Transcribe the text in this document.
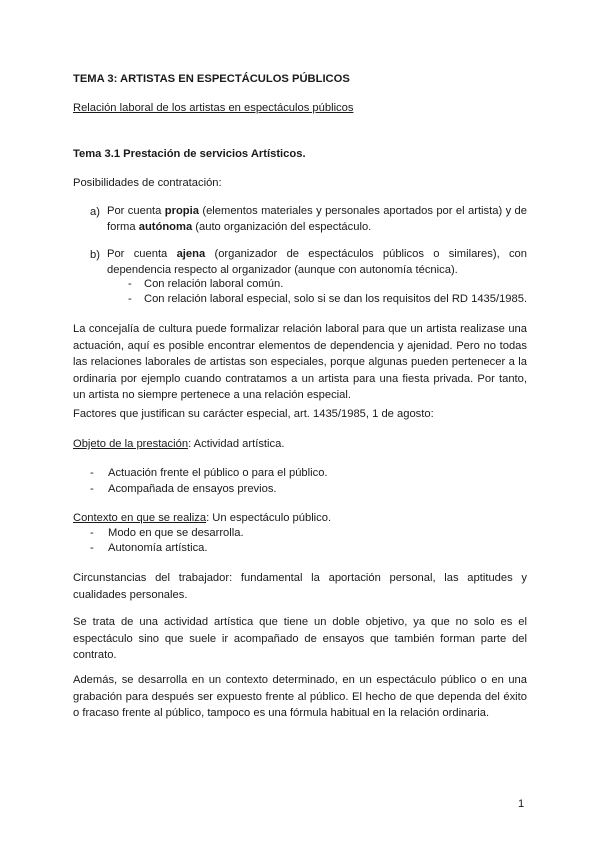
TEMA 3: ARTISTAS EN ESPECTÁCULOS PÚBLICOS
Relación laboral de los artistas en espectáculos públicos
Tema 3.1 Prestación de servicios Artísticos.
Posibilidades de contratación:
a) Por cuenta propia (elementos materiales y personales aportados por el artista) y de forma autónoma (auto organización del espectáculo.
b) Por cuenta ajena (organizador de espectáculos públicos o similares), con dependencia respecto al organizador (aunque con autonomía técnica).
- Con relación laboral común.
- Con relación laboral especial, solo si se dan los requisitos del RD 1435/1985.
La concejalía de cultura puede formalizar relación laboral para que un artista realizase una actuación, aquí es posible encontrar elementos de dependencia y ajenidad. Pero no todas las relaciones laborales de artistas son especiales, porque algunas pueden pertenecer a la ordinaria por ejemplo cuando contratamos a un artista para una fiesta privada. Por tanto, un artista no siempre pertenece a una relación especial.
Factores que justifican su carácter especial, art. 1435/1985, 1 de agosto:
Objeto de la prestación: Actividad artística.
- Actuación frente el público o para el público.
- Acompañada de ensayos previos.
Contexto en que se realiza: Un espectáculo público.
- Modo en que se desarrolla.
- Autonomía artística.
Circunstancias del trabajador: fundamental la aportación personal, las aptitudes y cualidades personales.
Se trata de una actividad artística que tiene un doble objetivo, ya que no solo es el espectáculo sino que suele ir acompañado de ensayos que también forman parte del contrato.
Además, se desarrolla en un contexto determinado, en un espectáculo público o en una grabación para después ser expuesto frente al público. El hecho de que dependa del éxito o fracaso frente al público, tampoco es una fórmula habitual en la relación ordinaria.
1
